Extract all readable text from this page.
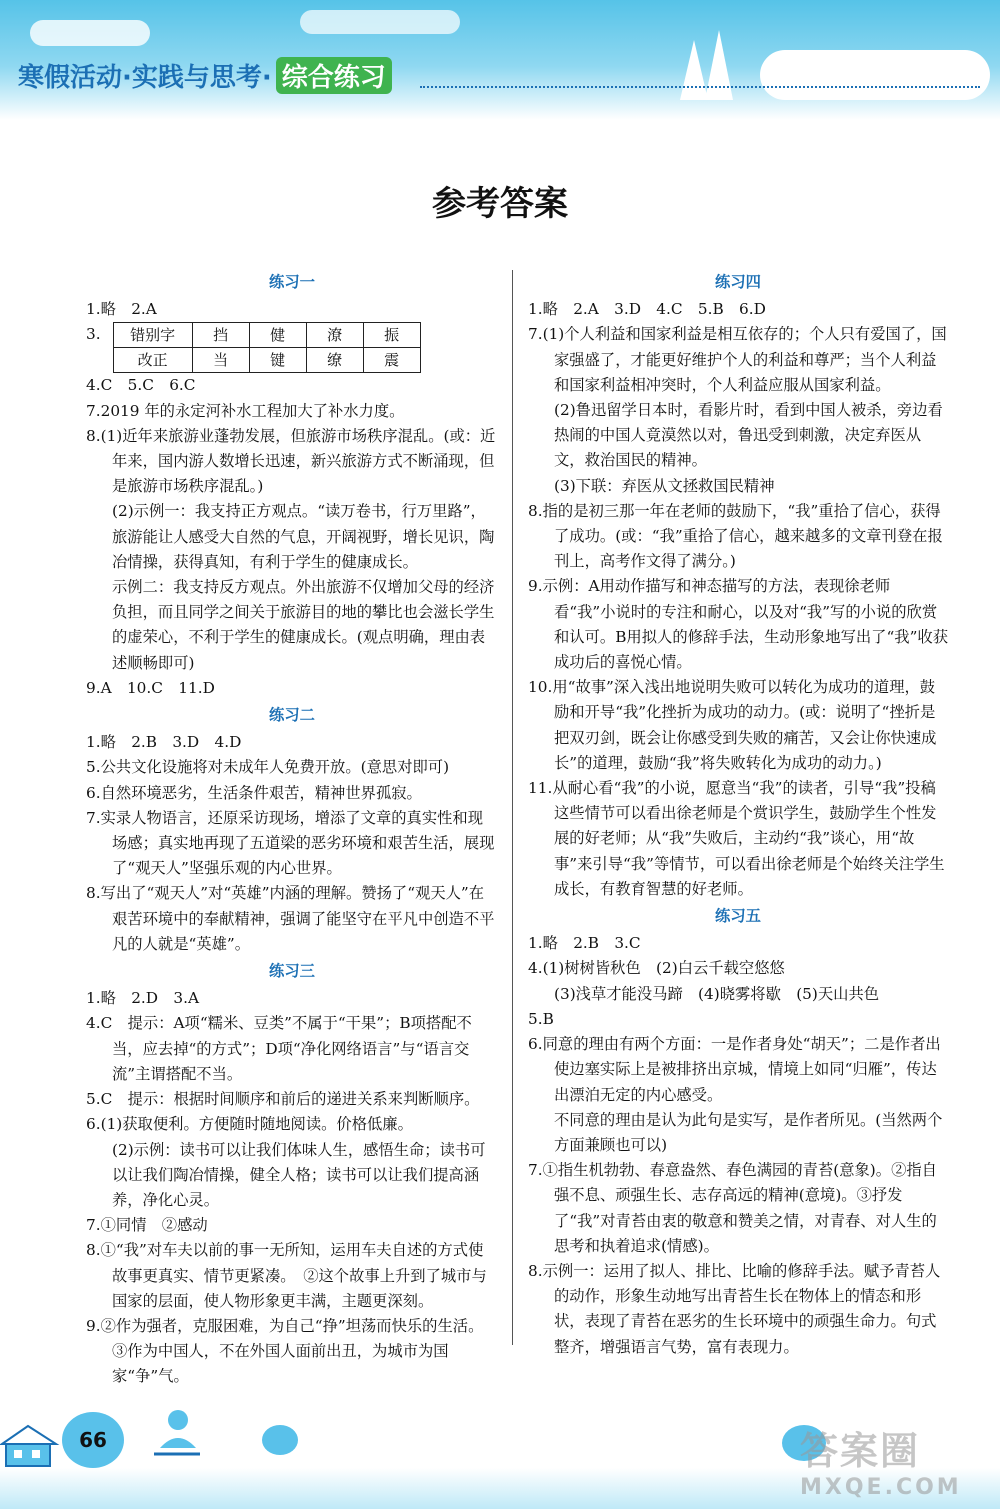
寒假活动· 实践与思考· 综合练习
参考答案
练习一

1.略　2.A

3. 错别字	挡	健	潦	振
改正	当	键	缭	震

4.C　5.C　6.C

7.2019 年的永定河补水工程加大了补水力度。

8.(1)近年来旅游业蓬勃发展，但旅游市场秩序混乱。(或：近年来，国内游人数增长迅速，新兴旅游方式不断涌现，但是旅游市场秩序混乱。)

(2)示例一：我支持正方观点。“读万卷书，行万里路”，旅游能让人感受大自然的气息，开阔视野，增长见识，陶冶情操，获得真知，有利于学生的健康成长。

示例二：我支持反方观点。外出旅游不仅增加父母的经济负担，而且同学之间关于旅游目的地的攀比也会滋长学生的虚荣心，不利于学生的健康成长。(观点明确，理由表述顺畅即可)

9.A　10.C　11.D

练习二

1.略　2.B　3.D　4.D

5.公共文化设施将对未成年人免费开放。(意思对即可)

6.自然环境恶劣，生活条件艰苦，精神世界孤寂。

7.实录人物语言，还原采访现场，增添了文章的真实性和现场感；真实地再现了五道梁的恶劣环境和艰苦生活，展现了“观天人”坚强乐观的内心世界。

8.写出了“观天人”对“英雄”内涵的理解。赞扬了“观天人”在艰苦环境中的奉献精神，强调了能坚守在平凡中创造不平凡的人就是“英雄”。

练习三

1.略　2.D　3.A

4.C　提示：A项“糯米、豆类”不属于“干果”；B项搭配不当，应去掉“的方式”；D项“净化网络语言”与“语言交流”主谓搭配不当。

5.C　提示：根据时间顺序和前后的递进关系来判断顺序。

6.(1)获取便利。方便随时随地阅读。价格低廉。

(2)示例：读书可以让我们体味人生，感悟生命；读书可以让我们陶冶情操，健全人格；读书可以让我们提高涵养，净化心灵。

7.①同情　②感动

8.①“我”对车夫以前的事一无所知，运用车夫自述的方式使故事更真实、情节更紧凑。　②这个故事上升到了城市与国家的层面，使人物形象更丰满，主题更深刻。

9.②作为强者，克服困难，为自己“挣”坦荡而快乐的生活。

③作为中国人，不在外国人面前出丑，为城市为国家“争”气。

练习四

1.略　2.A　3.D　4.C　5.B　6.D

7.(1)个人利益和国家利益是相互依存的；个人只有爱国了，国家强盛了，才能更好维护个人的利益和尊严；当个人利益和国家利益相冲突时，个人利益应服从国家利益。

(2)鲁迅留学日本时，看影片时，看到中国人被杀，旁边看热闹的中国人竟漠然以对，鲁迅受到刺激，决定弃医从文，救治国民的精神。

(3)下联：弃医从文拯救国民精神

8.指的是初三那一年在老师的鼓励下，“我”重拾了信心，获得了成功。(或：“我”重拾了信心，越来越多的文章刊登在报刊上，高考作文得了满分。)

9.示例：A用动作描写和神态描写的方法，表现徐老师看“我”小说时的专注和耐心，以及对“我”写的小说的欣赏和认可。B用拟人的修辞手法，生动形象地写出了“我”收获成功后的喜悦心情。

10.用“故事”深入浅出地说明失败可以转化为成功的道理，鼓励和开导“我”化挫折为成功的动力。(或：说明了“挫折是把双刃剑，既会让你感受到失败的痛苦，又会让你快速成长”的道理，鼓励“我”将失败转化为成功的动力。)

11.从耐心看“我”的小说，愿意当“我”的读者，引导“我”投稿这些情节可以看出徐老师是个赏识学生，鼓励学生个性发展的好老师；从“我”失败后，主动约“我”谈心，用“故事”来引导“我”等情节，可以看出徐老师是个始终关注学生成长，有教育智慧的好老师。

练习五

1.略　2.B　3.C

4.(1)树树皆秋色　(2)白云千载空悠悠

(3)浅草才能没马蹄　(4)晓雾将歇　(5)天山共色

5.B

6.同意的理由有两个方面：一是作者身处“胡天”；二是作者出使边塞实际上是被排挤出京城，情境上如同“归雁”，传达出漂泊无定的内心感受。

不同意的理由是认为此句是实写，是作者所见。(当然两个方面兼顾也可以)

7.①指生机勃勃、春意盎然、春色满园的青苔(意象)。②指自强不息、顽强生长、志存高远的精神(意境)。③抒发了“我”对青苔由衷的敬意和赞美之情，对青春、对人生的思考和执着追求(情感)。

8.示例一：运用了拟人、排比、比喻的修辞手法。赋予青苔人的动作，形象生动地写出青苔生长在物体上的情态和形状，表现了青苔在恶劣的生长环境中的顽强生命力。句式整齐，增强语言气势，富有表现力。

66	答案圈
MXQE.COM
